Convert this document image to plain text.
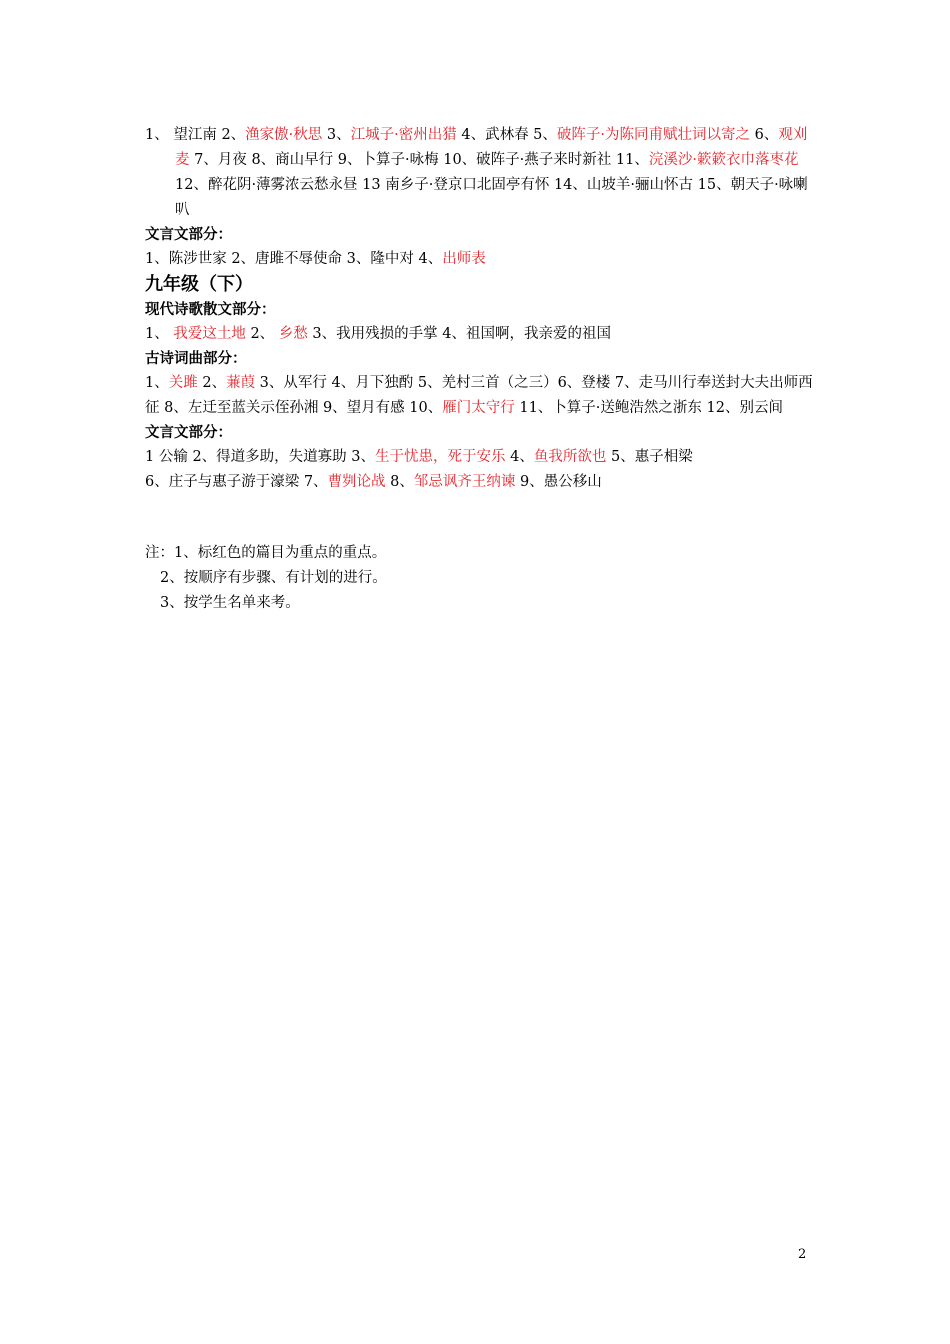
1、 望江南 2、渔家傲·秋思 3、江城子·密州出猎 4、武林春 5、破阵子·为陈同甫赋壮词以寄之 6、观刈麦 7、月夜 8、商山早行 9、卜算子·咏梅 10、破阵子·燕子来时新社 11、浣溪沙·簌簌衣巾落枣花 12、醉花阴·薄雾浓云愁永昼 13 南乡子·登京口北固亭有怀 14、山坡羊·骊山怀古 15、朝天子·咏喇叭

文言文部分：

1、陈涉世家 2、唐雎不辱使命 3、隆中对 4、出师表

九年级（下）

现代诗歌散文部分：

1、 我爱这土地 2、 乡愁 3、我用残损的手掌 4、祖国啊，我亲爱的祖国

古诗词曲部分：

1、关雎 2、蒹葭 3、从军行 4、月下独酌 5、羌村三首（之三）6、登楼 7、走马川行奉送封大夫出师西征 8、左迁至蓝关示侄孙湘 9、望月有感 10、雁门太守行 11、卜算子·送鲍浩然之浙东 12、别云间

文言文部分：

1 公输 2、得道多助，失道寡助 3、生于忧患，死于安乐 4、鱼我所欲也 5、惠子相梁

6、庄子与惠子游于濠梁 7、曹刿论战 8、邹忌讽齐王纳谏 9、愚公移山

注：1、标红色的篇目为重点的重点。

2、按顺序有步骤、有计划的进行。

3、按学生名单来考。

2
